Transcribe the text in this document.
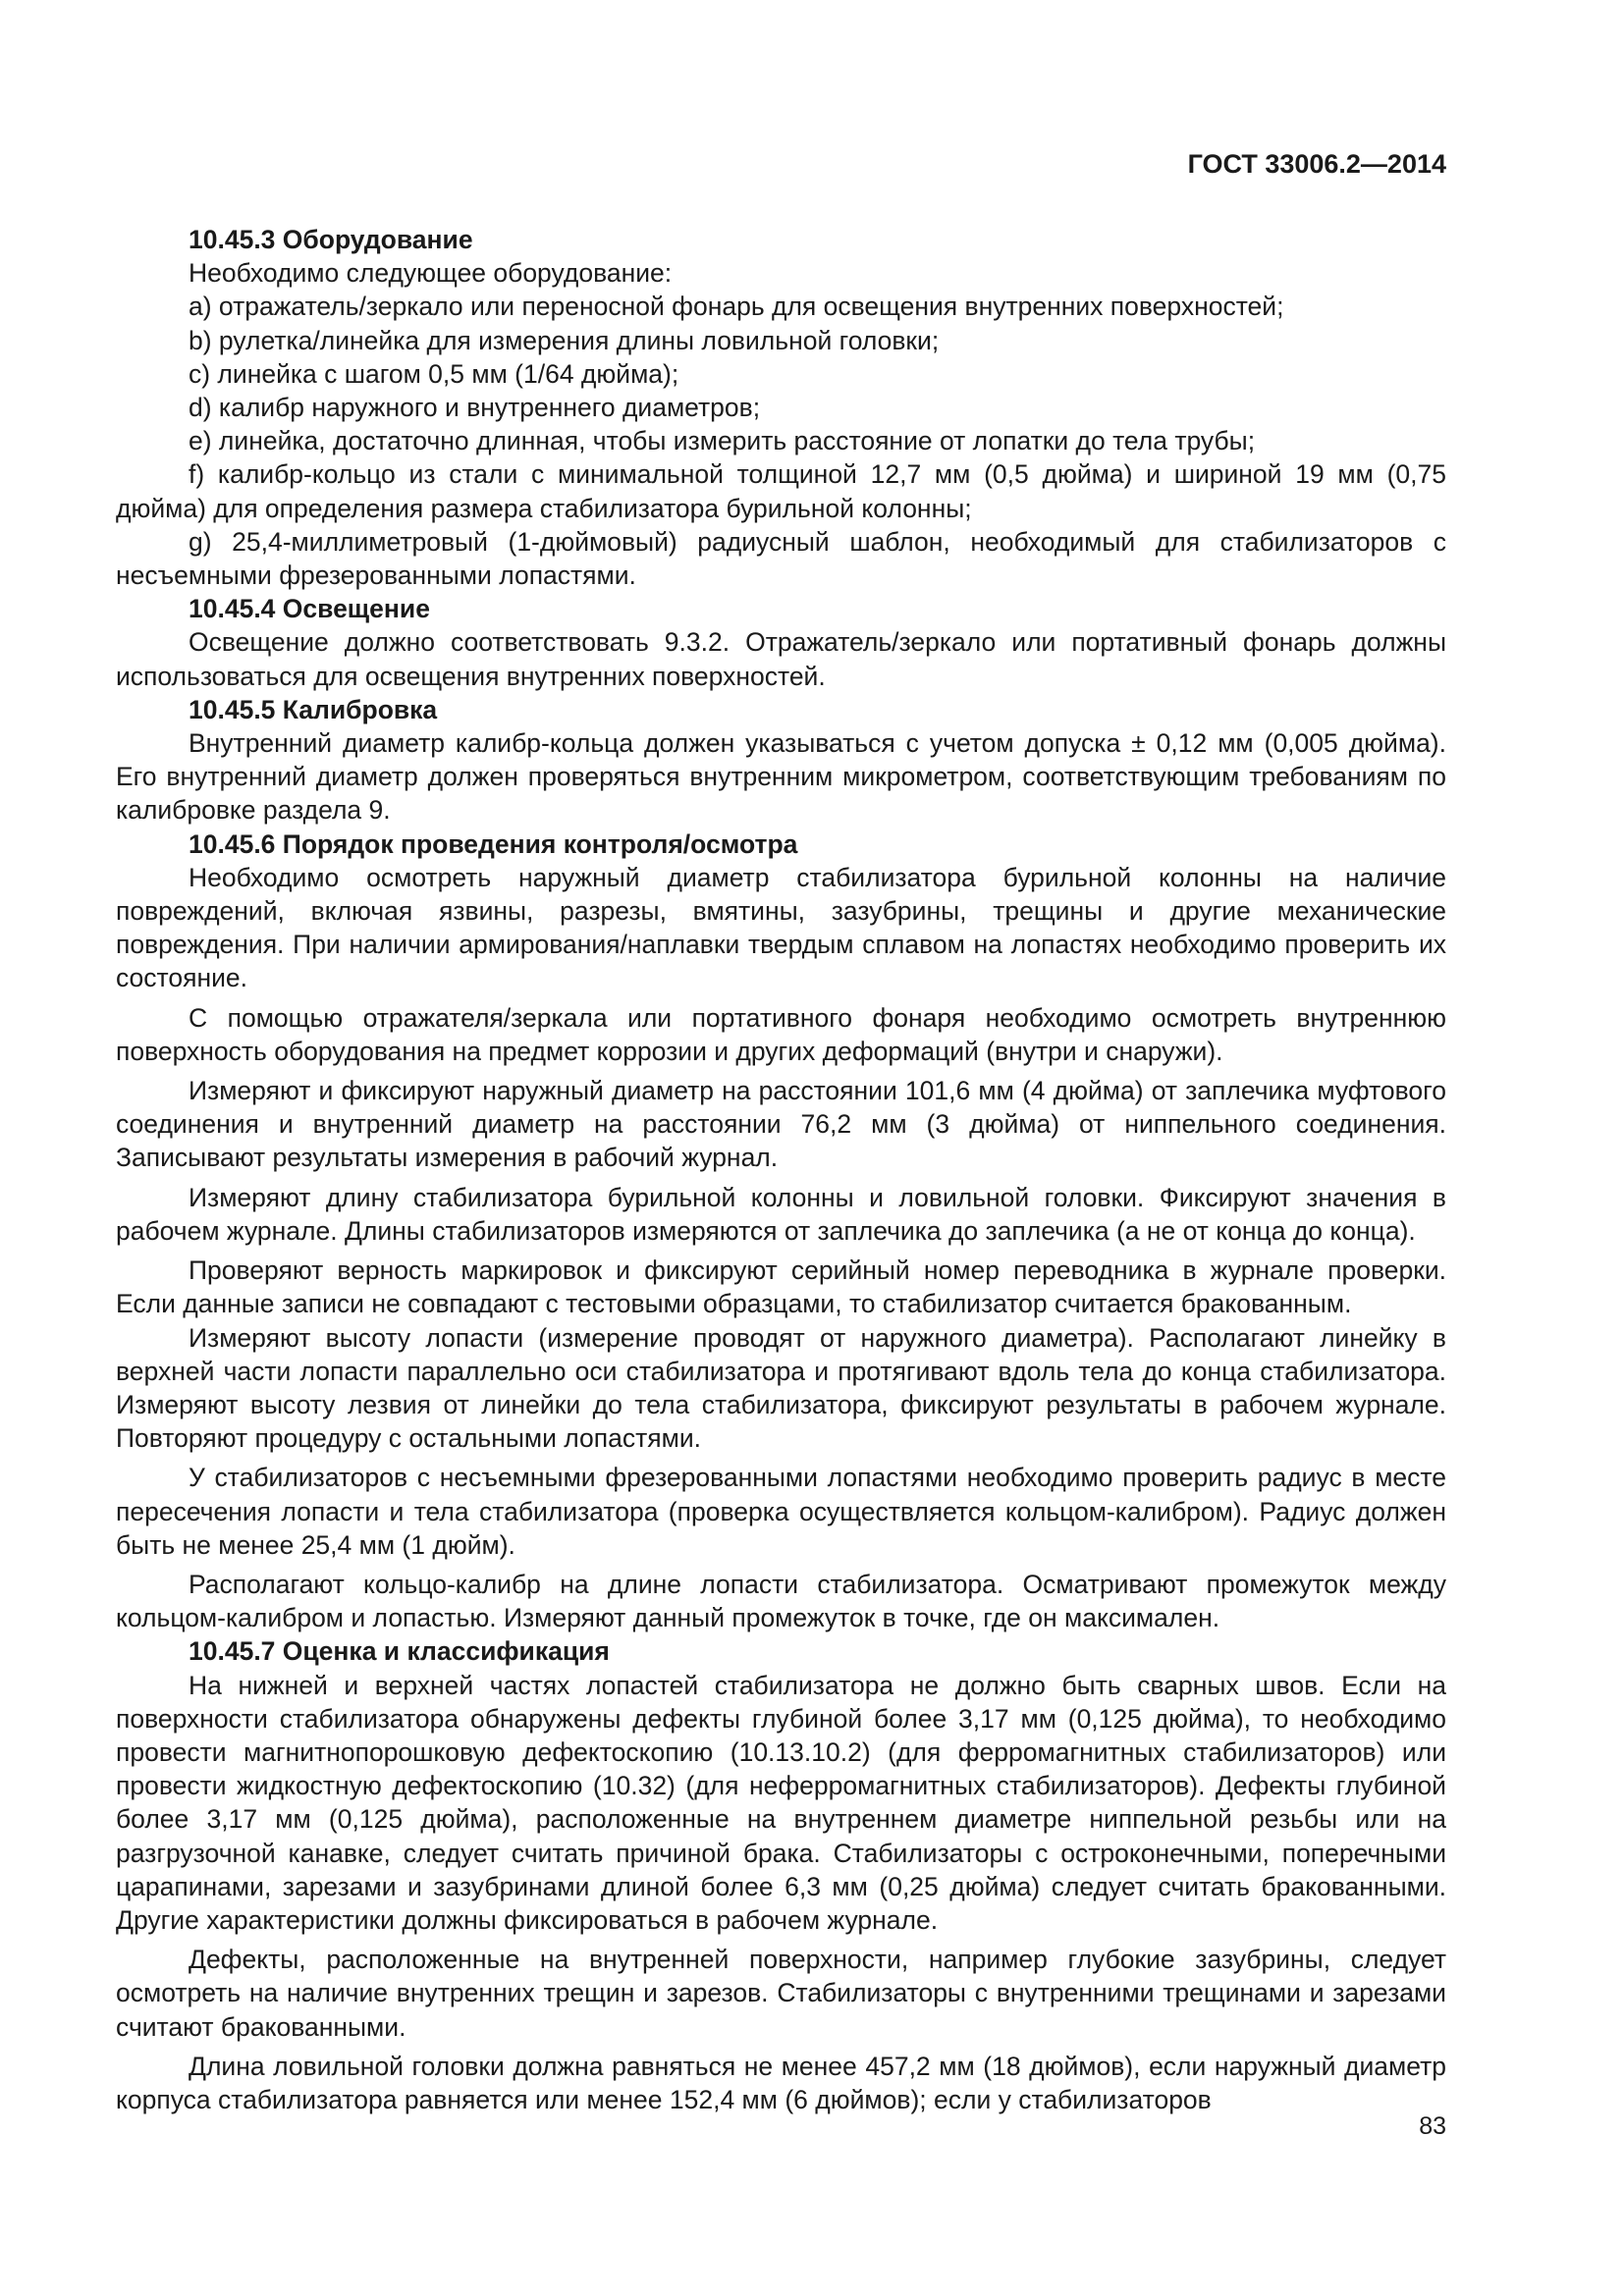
ГОСТ 33006.2—2014
10.45.3 Оборудование

Необходимо следующее оборудование:

a) отражатель/зеркало или переносной фонарь для освещения внутренних поверхностей;

b) рулетка/линейка для измерения длины ловильной головки;

c) линейка с шагом 0,5 мм (1/64 дюйма);

d) калибр наружного и внутреннего диаметров;

e) линейка, достаточно длинная, чтобы измерить расстояние от лопатки до тела трубы;

f) калибр-кольцо из стали с минимальной толщиной 12,7 мм (0,5 дюйма) и шириной 19 мм (0,75 дюйма) для определения размера стабилизатора бурильной колонны;

g) 25,4-миллиметровый (1-дюймовый) радиусный шаблон, необходимый для стабилизаторов с несъемными фрезерованными лопастями.

10.45.4 Освещение

Освещение должно соответствовать 9.3.2. Отражатель/зеркало или портативный фонарь должны использоваться для освещения внутренних поверхностей.

10.45.5 Калибровка

Внутренний диаметр калибр-кольца должен указываться с учетом допуска ± 0,12 мм (0,005 дюйма). Его внутренний диаметр должен проверяться внутренним микрометром, соответствующим требованиям по калибровке раздела 9.

10.45.6 Порядок проведения контроля/осмотра

Необходимо осмотреть наружный диаметр стабилизатора бурильной колонны на наличие повреждений, включая язвины, разрезы, вмятины, зазубрины, трещины и другие механические повреждения. При наличии армирования/наплавки твердым сплавом на лопастях необходимо проверить их состояние.

С помощью отражателя/зеркала или портативного фонаря необходимо осмотреть внутреннюю поверхность оборудования на предмет коррозии и других деформаций (внутри и снаружи).

Измеряют и фиксируют наружный диаметр на расстоянии 101,6 мм (4 дюйма) от заплечика муфтового соединения и внутренний диаметр на расстоянии 76,2 мм (3 дюйма) от ниппельного соединения. Записывают результаты измерения в рабочий журнал.

Измеряют длину стабилизатора бурильной колонны и ловильной головки. Фиксируют значения в рабочем журнале. Длины стабилизаторов измеряются от заплечика до заплечика (а не от конца до конца).

Проверяют верность маркировок и фиксируют серийный номер переводника в журнале проверки. Если данные записи не совпадают с тестовыми образцами, то стабилизатор считается бракованным.

Измеряют высоту лопасти (измерение проводят от наружного диаметра). Располагают линейку в верхней части лопасти параллельно оси стабилизатора и протягивают вдоль тела до конца стабилизатора. Измеряют высоту лезвия от линейки до тела стабилизатора, фиксируют результаты в рабочем журнале. Повторяют процедуру с остальными лопастями.

У стабилизаторов с несъемными фрезерованными лопастями необходимо проверить радиус в месте пересечения лопасти и тела стабилизатора (проверка осуществляется кольцом-калибром). Радиус должен быть не менее 25,4 мм (1 дюйм).

Располагают кольцо-калибр на длине лопасти стабилизатора. Осматривают промежуток между кольцом-калибром и лопастью. Измеряют данный промежуток в точке, где он максимален.

10.45.7 Оценка и классификация

На нижней и верхней частях лопастей стабилизатора не должно быть сварных швов. Если на поверхности стабилизатора обнаружены дефекты глубиной более 3,17 мм (0,125 дюйма), то необходимо провести магнитнопорошковую дефектоскопию (10.13.10.2) (для ферромагнитных стабилизаторов) или провести жидкостную дефектоскопию (10.32) (для неферромагнитных стабилизаторов). Дефекты глубиной более 3,17 мм (0,125 дюйма), расположенные на внутреннем диаметре ниппельной резьбы или на разгрузочной канавке, следует считать причиной брака. Стабилизаторы с остроконечными, поперечными царапинами, зарезами и зазубринами длиной более 6,3 мм (0,25 дюйма) следует считать бракованными. Другие характеристики должны фиксироваться в рабочем журнале.

Дефекты, расположенные на внутренней поверхности, например глубокие зазубрины, следует осмотреть на наличие внутренних трещин и зарезов. Стабилизаторы с внутренними трещинами и зарезами считают бракованными.

Длина ловильной головки должна равняться не менее 457,2 мм (18 дюймов), если наружный диаметр корпуса стабилизатора равняется или менее 152,4 мм (6 дюймов); если у стабилизаторов

83
